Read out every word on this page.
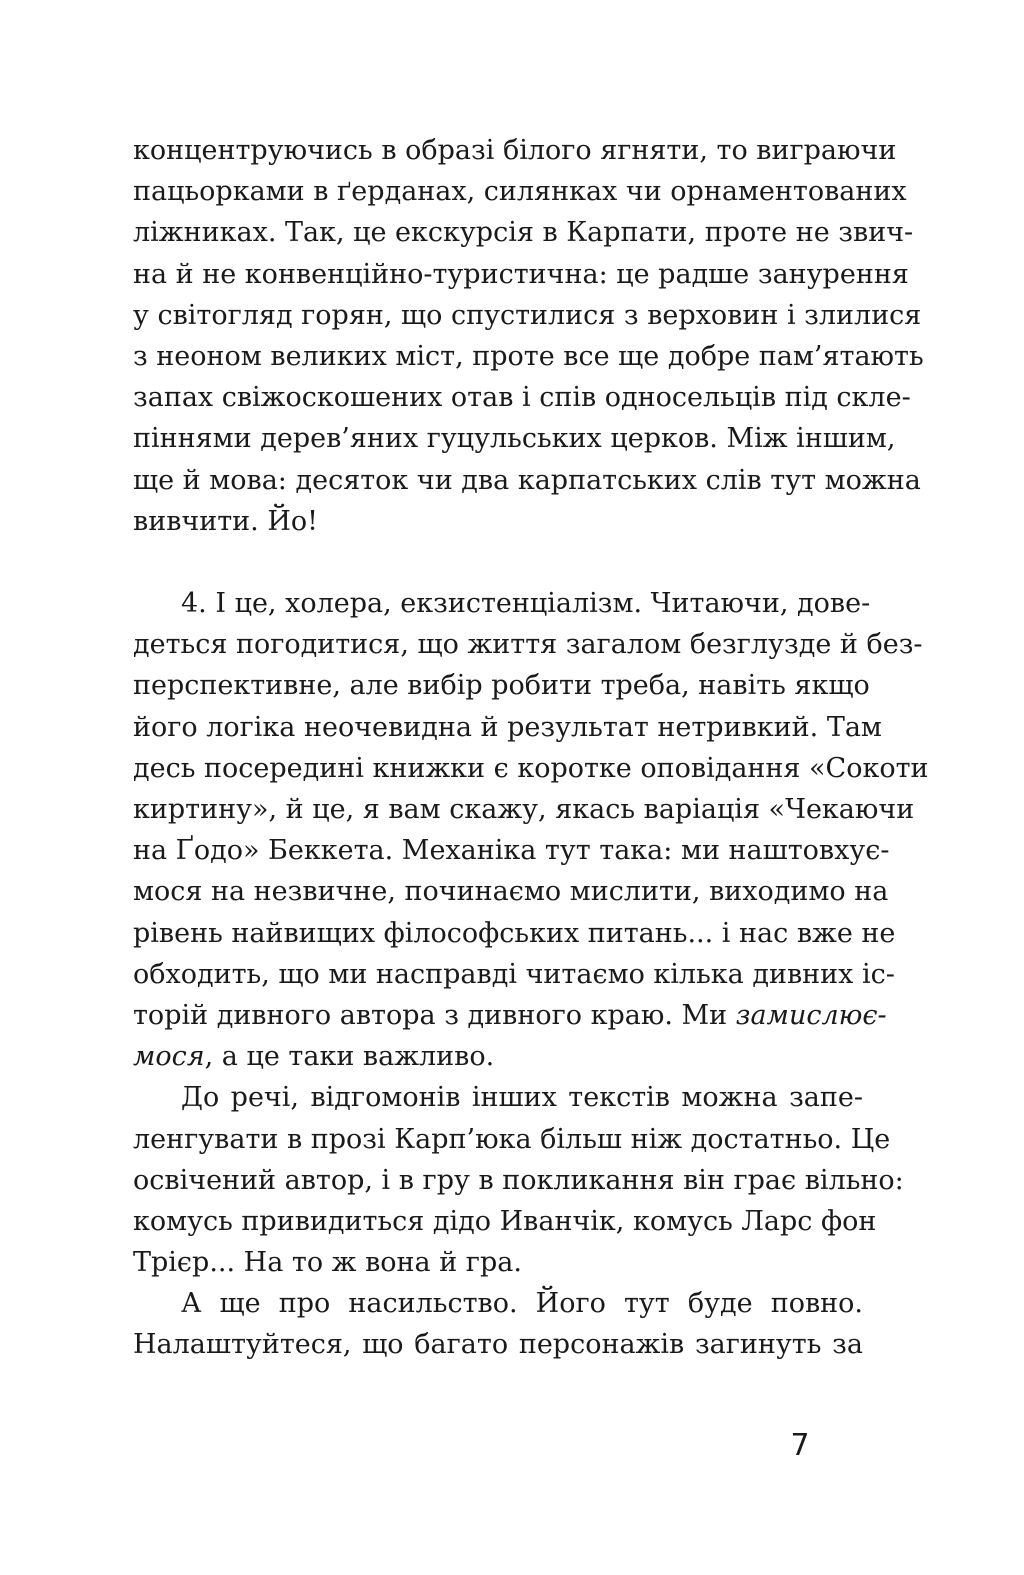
концентруючись в образі білого ягняти, то виграючи
пацьорками в ґерданах, силянках чи орнаментованих
ліжниках. Так, це екскурсія в Карпати, проте не звич-
на й не конвенційно-туристична: це радше занурення
у світогляд горян, що спустилися з верховин і злилися
з неоном великих міст, проте все ще добре пам’ятають
запах свіжоскошених отав і спів односельців під скле-
піннями дерев’яних гуцульських церков. Між іншим,
ще й мова: десяток чи два карпатських слів тут можна
вивчити. Йо!
4. І це, холера, екзистенціалізм. Читаючи, дове-
деться погодитися, що життя загалом безглузде й без-
перспективне, але вибір робити треба, навіть якщо
його логіка неочевидна й результат нетривкий. Там
десь посередині книжки є коротке оповідання «Сокоти
киртину», й це, я вам скажу, якась варіація «Чекаючи
на Ґодо» Беккета. Механіка тут така: ми наштовхує-
мося на незвичне, починаємо мислити, виходимо на
рівень найвищих філософських питань... і нас вже не
обходить, що ми насправді читаємо кілька дивних іс-
торій дивного автора з дивного краю. Ми замислює-
мося, а це таки важливо.
До речі, відгомонів інших текстів можна запе-
ленгувати в прозі Карп’юка більш ніж достатньо. Це
освічений автор, і в гру в покликання він грає вільно:
комусь привидиться дідо Иванчік, комусь Ларс фон
Трієр... На то ж вона й гра.
А ще про насильство. Його тут буде повно.
Налаштуйтеся, що багато персонажів загинуть за
7
